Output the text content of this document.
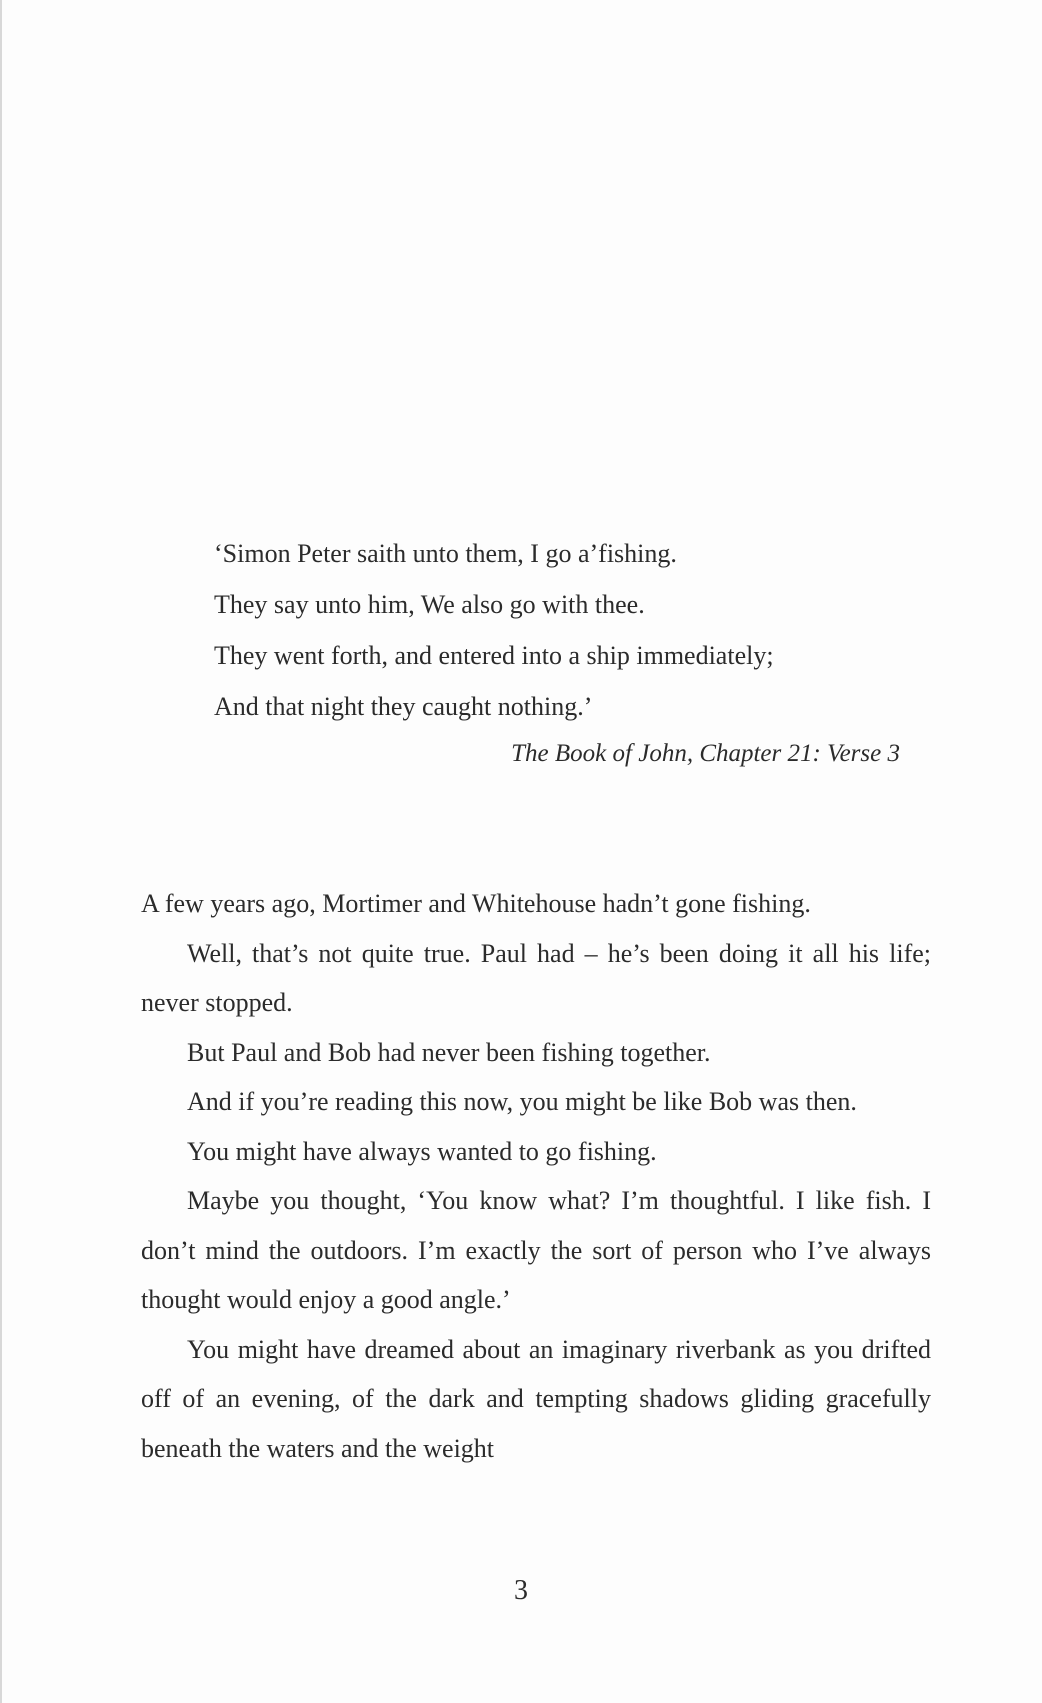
‘Simon Peter saith unto them, I go a’fishing.
They say unto him, We also go with thee.
They went forth, and entered into a ship immediately;
And that night they caught nothing.’
The Book of John, Chapter 21: Verse 3

A few years ago, Mortimer and Whitehouse hadn’t gone fishing.

Well, that’s not quite true. Paul had – he’s been doing it all his life; never stopped.

But Paul and Bob had never been fishing together.

And if you’re reading this now, you might be like Bob was then.

You might have always wanted to go fishing.

Maybe you thought, ‘You know what? I’m thoughtful. I like fish. I don’t mind the outdoors. I’m exactly the sort of person who I’ve always thought would enjoy a good angle.’

You might have dreamed about an imaginary riverbank as you drifted off of an evening, of the dark and tempting shadows gliding gracefully beneath the waters and the weight

3
